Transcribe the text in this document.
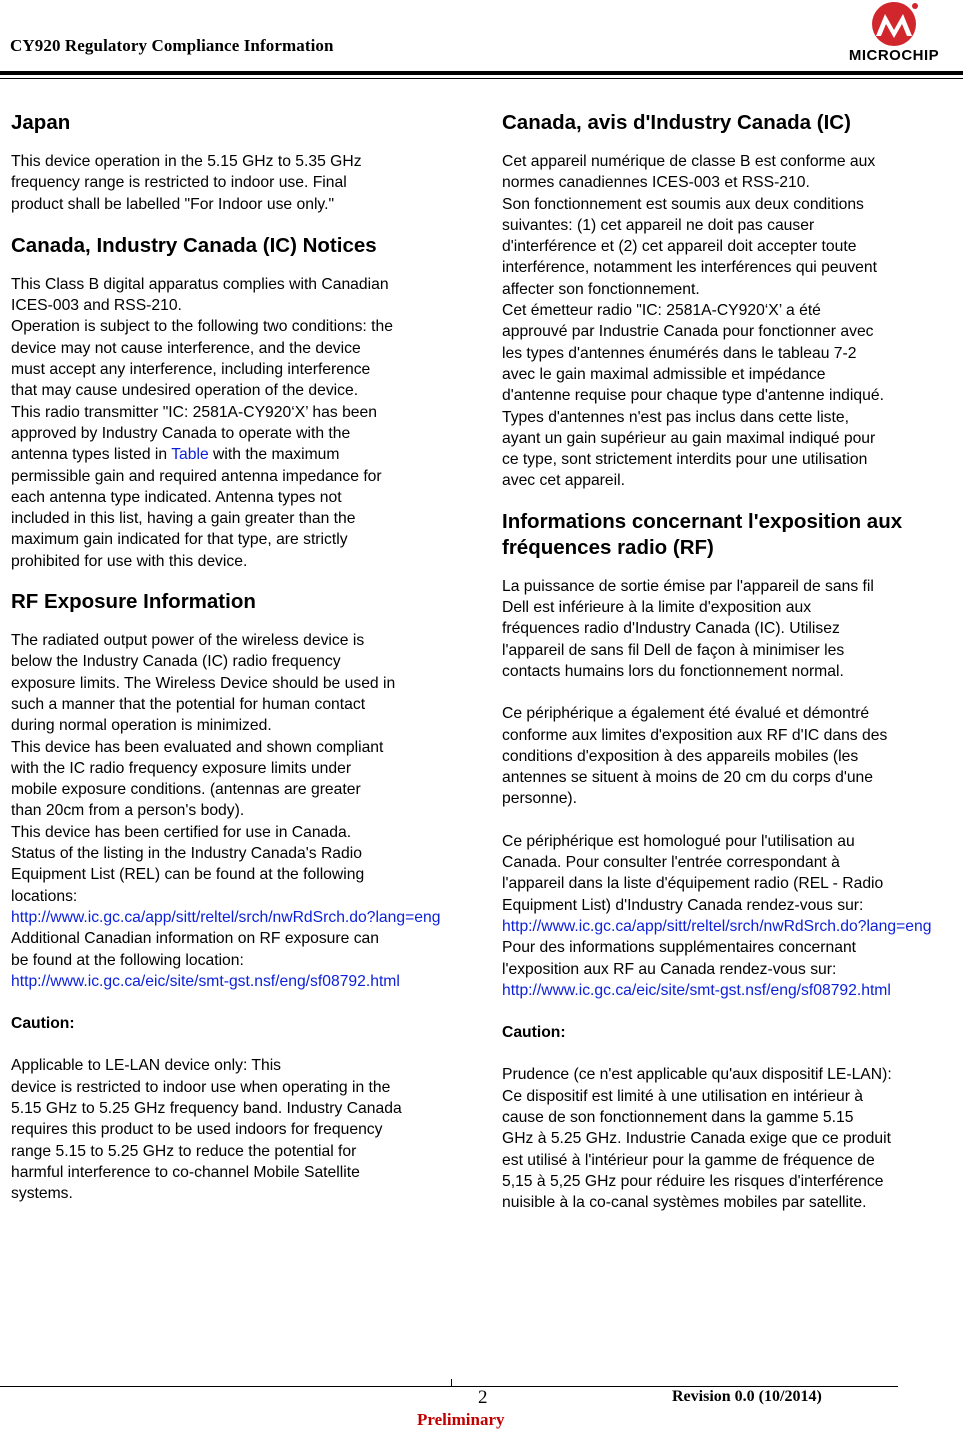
CY920 Regulatory Compliance Information
MICROCHIP
Japan

This device operation in the 5.15 GHz to 5.35 GHz
frequency range is restricted to indoor use. Final
product shall be labelled "For Indoor use only."

Canada, Industry Canada (IC) Notices

This Class B digital apparatus complies with Canadian
ICES-003 and RSS-210.
Operation is subject to the following two conditions: the
device may not cause interference, and the device
must accept any interference, including interference
that may cause undesired operation of the device.
This radio transmitter "IC: 2581A-CY920‘X’ has been
approved by Industry Canada to operate with the
antenna types listed in Table with the maximum
permissible gain and required antenna impedance for
each antenna type indicated. Antenna types not
included in this list, having a gain greater than the
maximum gain indicated for that type, are strictly
prohibited for use with this device.

RF Exposure Information

The radiated output power of the wireless device is
below the Industry Canada (IC) radio frequency
exposure limits. The Wireless Device should be used in
such a manner that the potential for human contact
during normal operation is minimized.
This device has been evaluated and shown compliant
with the IC radio frequency exposure limits under
mobile exposure conditions. (antennas are greater
than 20cm from a person's body).
This device has been certified for use in Canada.
Status of the listing in the Industry Canada's Radio
Equipment List (REL) can be found at the following
locations:

http://www.ic.gc.ca/app/sitt/reltel/srch/nwRdSrch.do?lang=eng

Additional Canadian information on RF exposure can
be found at the following location:

http://www.ic.gc.ca/eic/site/smt-gst.nsf/eng/sf08792.html

Caution:

Applicable to LE-LAN device only: This
device is restricted to indoor use when operating in the
5.15 GHz to 5.25 GHz frequency band. Industry Canada
requires this product to be used indoors for frequency
range 5.15 to 5.25 GHz to reduce the potential for
harmful interference to co-channel Mobile Satellite
systems.

Canada, avis d'Industry Canada (IC)

Cet appareil numérique de classe B est conforme aux
normes canadiennes ICES-003 et RSS-210.
Son fonctionnement est soumis aux deux conditions
suivantes: (1) cet appareil ne doit pas causer
d'interférence et (2) cet appareil doit accepter toute
interférence, notamment les interférences qui peuvent
affecter son fonctionnement.
Cet émetteur radio "IC: 2581A-CY920‘X’ a été
approuvé par Industrie Canada pour fonctionner avec
les types d'antennes énumérés dans le tableau 7-2
avec le gain maximal admissible et impédance
d'antenne requise pour chaque type d'antenne indiqué.
Types d'antennes n'est pas inclus dans cette liste,
ayant un gain supérieur au gain maximal indiqué pour
ce type, sont strictement interdits pour une utilisation
avec cet appareil.

Informations concernant l'exposition aux fréquences radio (RF)

La puissance de sortie émise par l'appareil de sans fil
Dell est inférieure à la limite d'exposition aux
fréquences radio d'Industry Canada (IC). Utilisez
l'appareil de sans fil Dell de façon à minimiser les
contacts humains lors du fonctionnement normal.

Ce périphérique a également été évalué et démontré
conforme aux limites d'exposition aux RF d'IC dans des
conditions d'exposition à des appareils mobiles (les
antennes se situent à moins de 20 cm du corps d'une
personne).

Ce périphérique est homologué pour l'utilisation au
Canada. Pour consulter l'entrée correspondant à
l'appareil dans la liste d'équipement radio (REL - Radio
Equipment List) d'Industry Canada rendez-vous sur:

http://www.ic.gc.ca/app/sitt/reltel/srch/nwRdSrch.do?lang=eng

Pour des informations supplémentaires concernant
l'exposition aux RF au Canada rendez-vous sur:

http://www.ic.gc.ca/eic/site/smt-gst.nsf/eng/sf08792.html

Caution:

Prudence (ce n'est applicable qu'aux dispositif LE-LAN):
Ce dispositif est limité à une utilisation en intérieur à
cause de son fonctionnement dans la gamme 5.15
GHz à 5.25 GHz. Industrie Canada exige que ce produit
est utilisé à l'intérieur pour la gamme de fréquence de
5,15 à 5,25 GHz pour réduire les risques d'interférence
nuisible à la co-canal systèmes mobiles par satellite.

2	Revision 0.0 (10/2014)
Preliminary
